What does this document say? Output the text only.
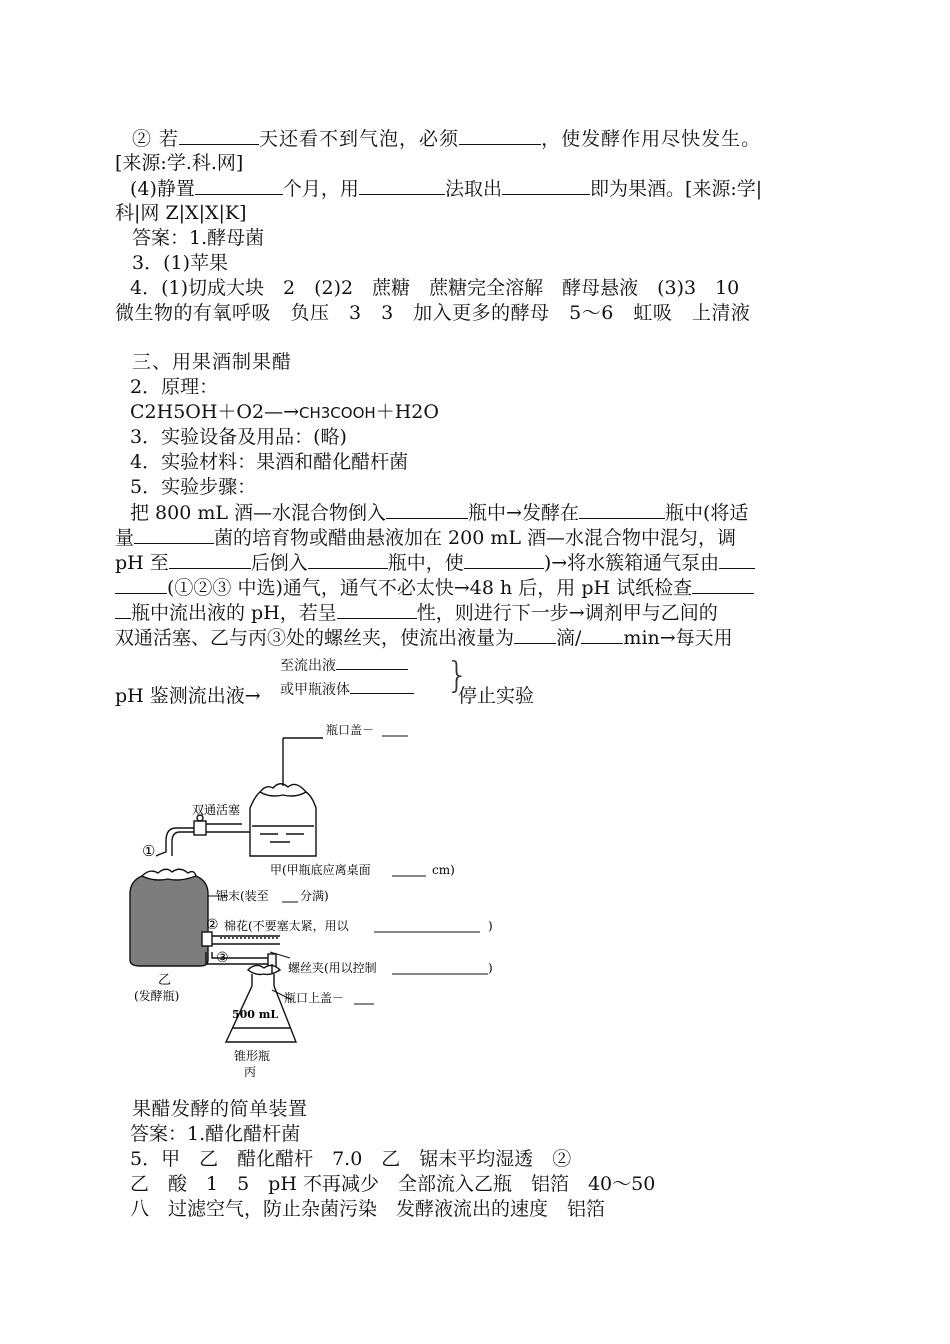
② 若	天还看不到气泡，必须	，使发酵作用尽快发生。
[来源:学.科.网]
(4)静置	个月，用	法取出	即为果酒。[来源:学|
科|网 Z|X|X|K]
答案：1.酵母菌
3．(1)苹果
4．(1)切成大块　2　(2)2　蔗糖　蔗糖完全溶解　酵母悬液　(3)3　10
微生物的有氧呼吸　负压　3　3　加入更多的酵母　5～6　虹吸　上清液
三、用果酒制果醋
2．原理：
C2H5OH＋O2—→CH3COOH＋H2O
3．实验设备及用品：(略)
4．实验材料：果酒和醋化醋杆菌
5．实验步骤：
把 800 mL 酒—水混合物倒入	瓶中→发酵在	瓶中(将适
量	菌的培育物或醋曲悬液加在 200 mL 酒—水混合物中混匀，调
pH 至	后倒入	瓶中，使	)→将水簇箱通气泵由
(①②③ 中选)通气，通气不必太快→48 h 后，用 pH 试纸检查
瓶中流出液的 pH，若呈	性，则进行下一步→调剂甲与乙间的
双通活塞、乙与丙③处的螺丝夹，使流出液量为 滴/ min→每天用
至流出液	}
pH 鉴测流出液→ 或甲瓶液体	停止实验
瓶口盖－
双通活塞
甲(甲瓶底应离桌面	cm)
①
锯末(装至	分满)
② 棉花(不要塞太紧，用以	)
③
螺丝夹(用以控制	)
瓶口上盖－
乙
(发酵瓶)
500 mL
锥形瓶
丙
果醋发酵的简单装置
答案：1.醋化醋杆菌
5．甲　乙　醋化醋杆　7.0　乙　锯末平均湿透　②
乙　酸　1　5　pH 不再减少　全部流入乙瓶　铝箔　40～50
八　过滤空气，防止杂菌污染　发酵液流出的速度　铝箔
